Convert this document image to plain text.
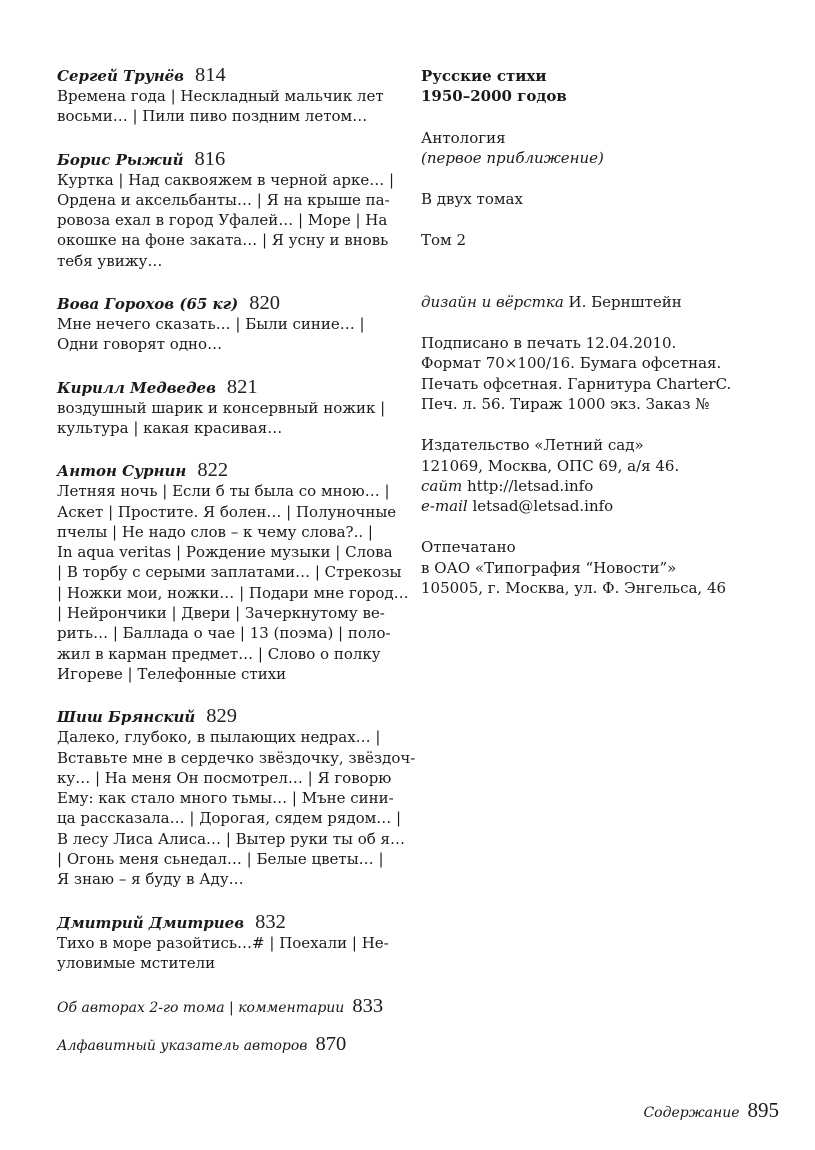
Сергей Трунёв 814
Времена года | Нескладный мальчик лет
восьми… | Пили пиво поздним летом…
Борис Рыжий 816
Куртка | Над саквояжем в черной арке… |
Ордена и аксельбанты… | Я на крыше па-
ровоза ехал в город Уфалей… | Море | На
окошке на фоне заката… | Я усну и вновь
тебя увижу…
Вова Горохов (65 кг) 820
Мне нечего сказать… | Были синие… |
Одни говорят одно…
Кирилл Медведев 821
воздушный шарик и консервный ножик |
культура | какая красивая…
Антон Сурнин 822
Летняя ночь | Если б ты была со мною… |
Аскет | Простите. Я болен… | Полуночные
пчелы | Не надо слов – к чему слова?.. |
In aqua veritas | Рождение музыки | Слова
| В торбу с серыми заплатами… | Стрекозы
| Ножки мои, ножки… | Подари мне город…
| Нейрончики | Двери | Зачеркнутому ве-
рить… | Баллада о чае | 13 (поэма) | поло-
жил в карман предмет… | Слово о полку
Игореве | Телефонные стихи
Шиш Брянский 829
Далеко, глубоко, в пылающих недрах… |
Вставьте мне в сердечко звёздочку, звёздоч-
ку… | На меня Он посмотрел… | Я говорю
Ему: как стало много тьмы… | Мъне сини-
ца рассказала… | Дорогая, сядем рядом… |
В лесу Лиса Алиса… | Вытер руки ты об я…
| Огонь меня сьнедал… | Белые цветы… |
Я знаю – я буду в Аду…
Дмитрий Дмитриев 832
Тихо в море разойтись…# | Поехали | Не-
уловимые мстители
Об авторах 2-го тома | комментарии 833
Алфавитный указатель авторов 870
Русские стихи
1950–2000 годов
Антология
(первое приближение)
В двух томах
Том 2
дизайн и вёрстка И. Бернштейн
Подписано в печать 12.04.2010.
Формат 70×100/16. Бумага офсетная.
Печать офсетная. Гарнитура CharterC.
Печ. л. 56. Тираж 1000 экз. Заказ №
Издательство «Летний сад»
121069, Москва, ОПС 69, а/я 46.
сайт http://letsad.info
e-mail letsad@letsad.info
Отпечатано
в ОАО «Типография “Новости”»
105005, г. Москва, ул. Ф. Энгельса, 46
Содержание 895
